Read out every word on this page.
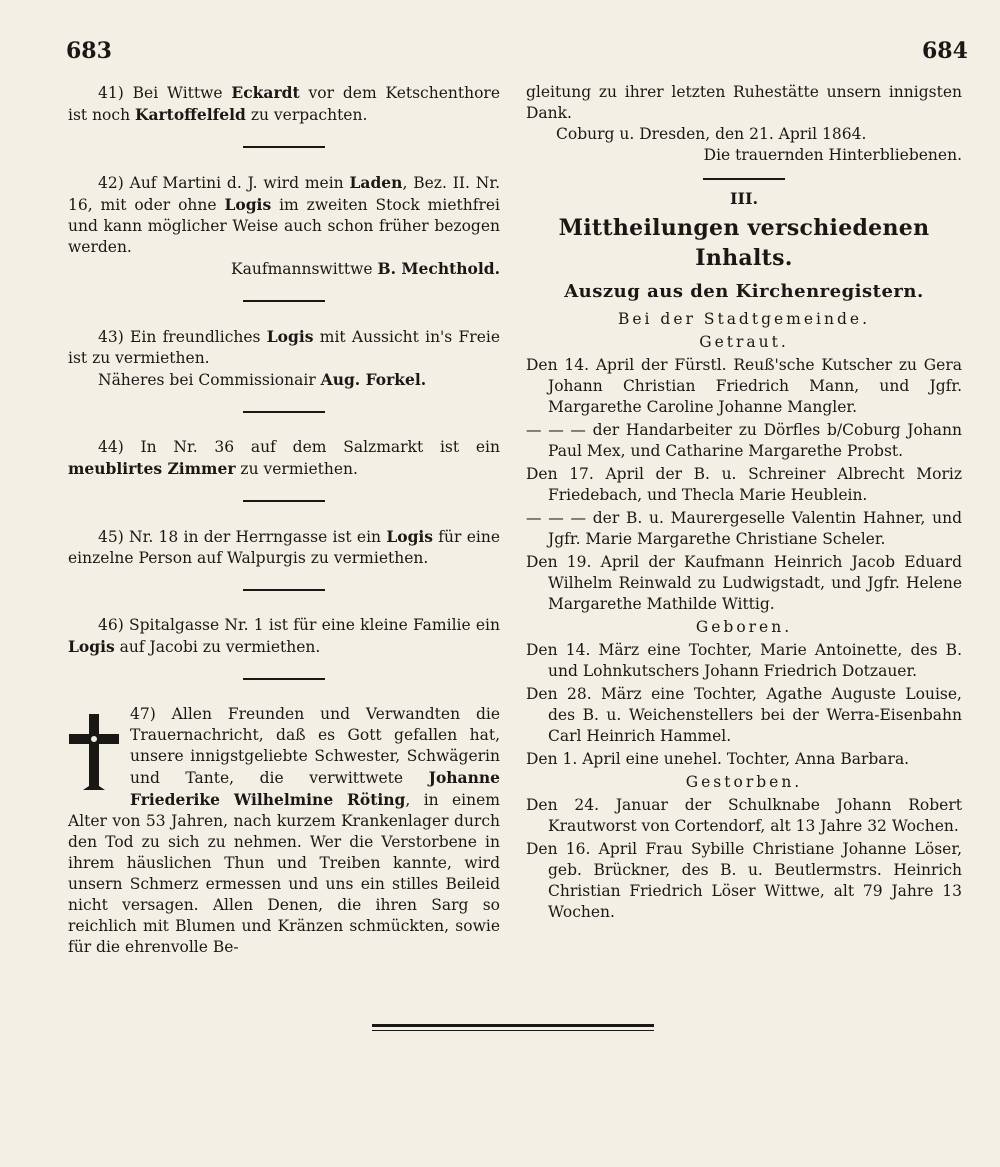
683	684

41) Bei Wittwe Eckardt vor dem Ketschenthore ist noch Kartoffelfeld zu verpachten.

42) Auf Martini d. J. wird mein Laden, Bez. II. Nr. 16, mit oder ohne Logis im zweiten Stock miethfrei und kann möglicher Weise auch schon früher bezogen werden.

Kaufmannswittwe B. Mechthold.

43) Ein freundliches Logis mit Aussicht in's Freie ist zu vermiethen.

Näheres bei Commissionair Aug. Forkel.

44) In Nr. 36 auf dem Salzmarkt ist ein meublirtes Zimmer zu vermiethen.

45) Nr. 18 in der Herrngasse ist ein Logis für eine einzelne Person auf Walpurgis zu vermiethen.

46) Spitalgasse Nr. 1 ist für eine kleine Familie ein Logis auf Jacobi zu vermiethen.

47) Allen Freunden und Verwandten die Trauernachricht, daß es Gott gefallen hat, unsere innigstgeliebte Schwester, Schwägerin und Tante, die verwittwete Johanne Friederike Wilhelmine Röting, in einem Alter von 53 Jahren, nach kurzem Krankenlager durch den Tod zu sich zu nehmen. Wer die Verstorbene in ihrem häuslichen Thun und Treiben kannte, wird unsern Schmerz ermessen und uns ein stilles Beileid nicht versagen. Allen Denen, die ihren Sarg so reichlich mit Blumen und Kränzen schmückten, sowie für die ehrenvolle Be-

gleitung zu ihrer letzten Ruhestätte unsern innigsten Dank.

Coburg u. Dresden, den 21. April 1864.

Die trauernden Hinterbliebenen.

III.

Mittheilungen verschiedenen Inhalts.

Auszug aus den Kirchenregistern.

Bei der Stadtgemeinde.

Getraut.

Den 14. April der Fürstl. Reuß'sche Kutscher zu Gera Johann Christian Friedrich Mann, und Jgfr. Margarethe Caroline Johanne Mangler.

— — — der Handarbeiter zu Dörfles b/Coburg Johann Paul Mex, und Catharine Margarethe Probst.

Den 17. April der B. u. Schreiner Albrecht Moriz Friedebach, und Thecla Marie Heublein.

— — — der B. u. Maurergeselle Valentin Hahner, und Jgfr. Marie Margarethe Christiane Scheler.

Den 19. April der Kaufmann Heinrich Jacob Eduard Wilhelm Reinwald zu Ludwigstadt, und Jgfr. Helene Margarethe Mathilde Wittig.

Geboren.

Den 14. März eine Tochter, Marie Antoinette, des B. und Lohnkutschers Johann Friedrich Dotzauer.

Den 28. März eine Tochter, Agathe Auguste Louise, des B. u. Weichenstellers bei der Werra-Eisenbahn Carl Heinrich Hammel.

Den 1. April eine unehel. Tochter, Anna Barbara.

Gestorben.

Den 24. Januar der Schulknabe Johann Robert Krautworst von Cortendorf, alt 13 Jahre 32 Wochen.

Den 16. April Frau Sybille Christiane Johanne Löser, geb. Brückner, des B. u. Beutlermstrs. Heinrich Christian Friedrich Löser Wittwe, alt 79 Jahre 13 Wochen.
